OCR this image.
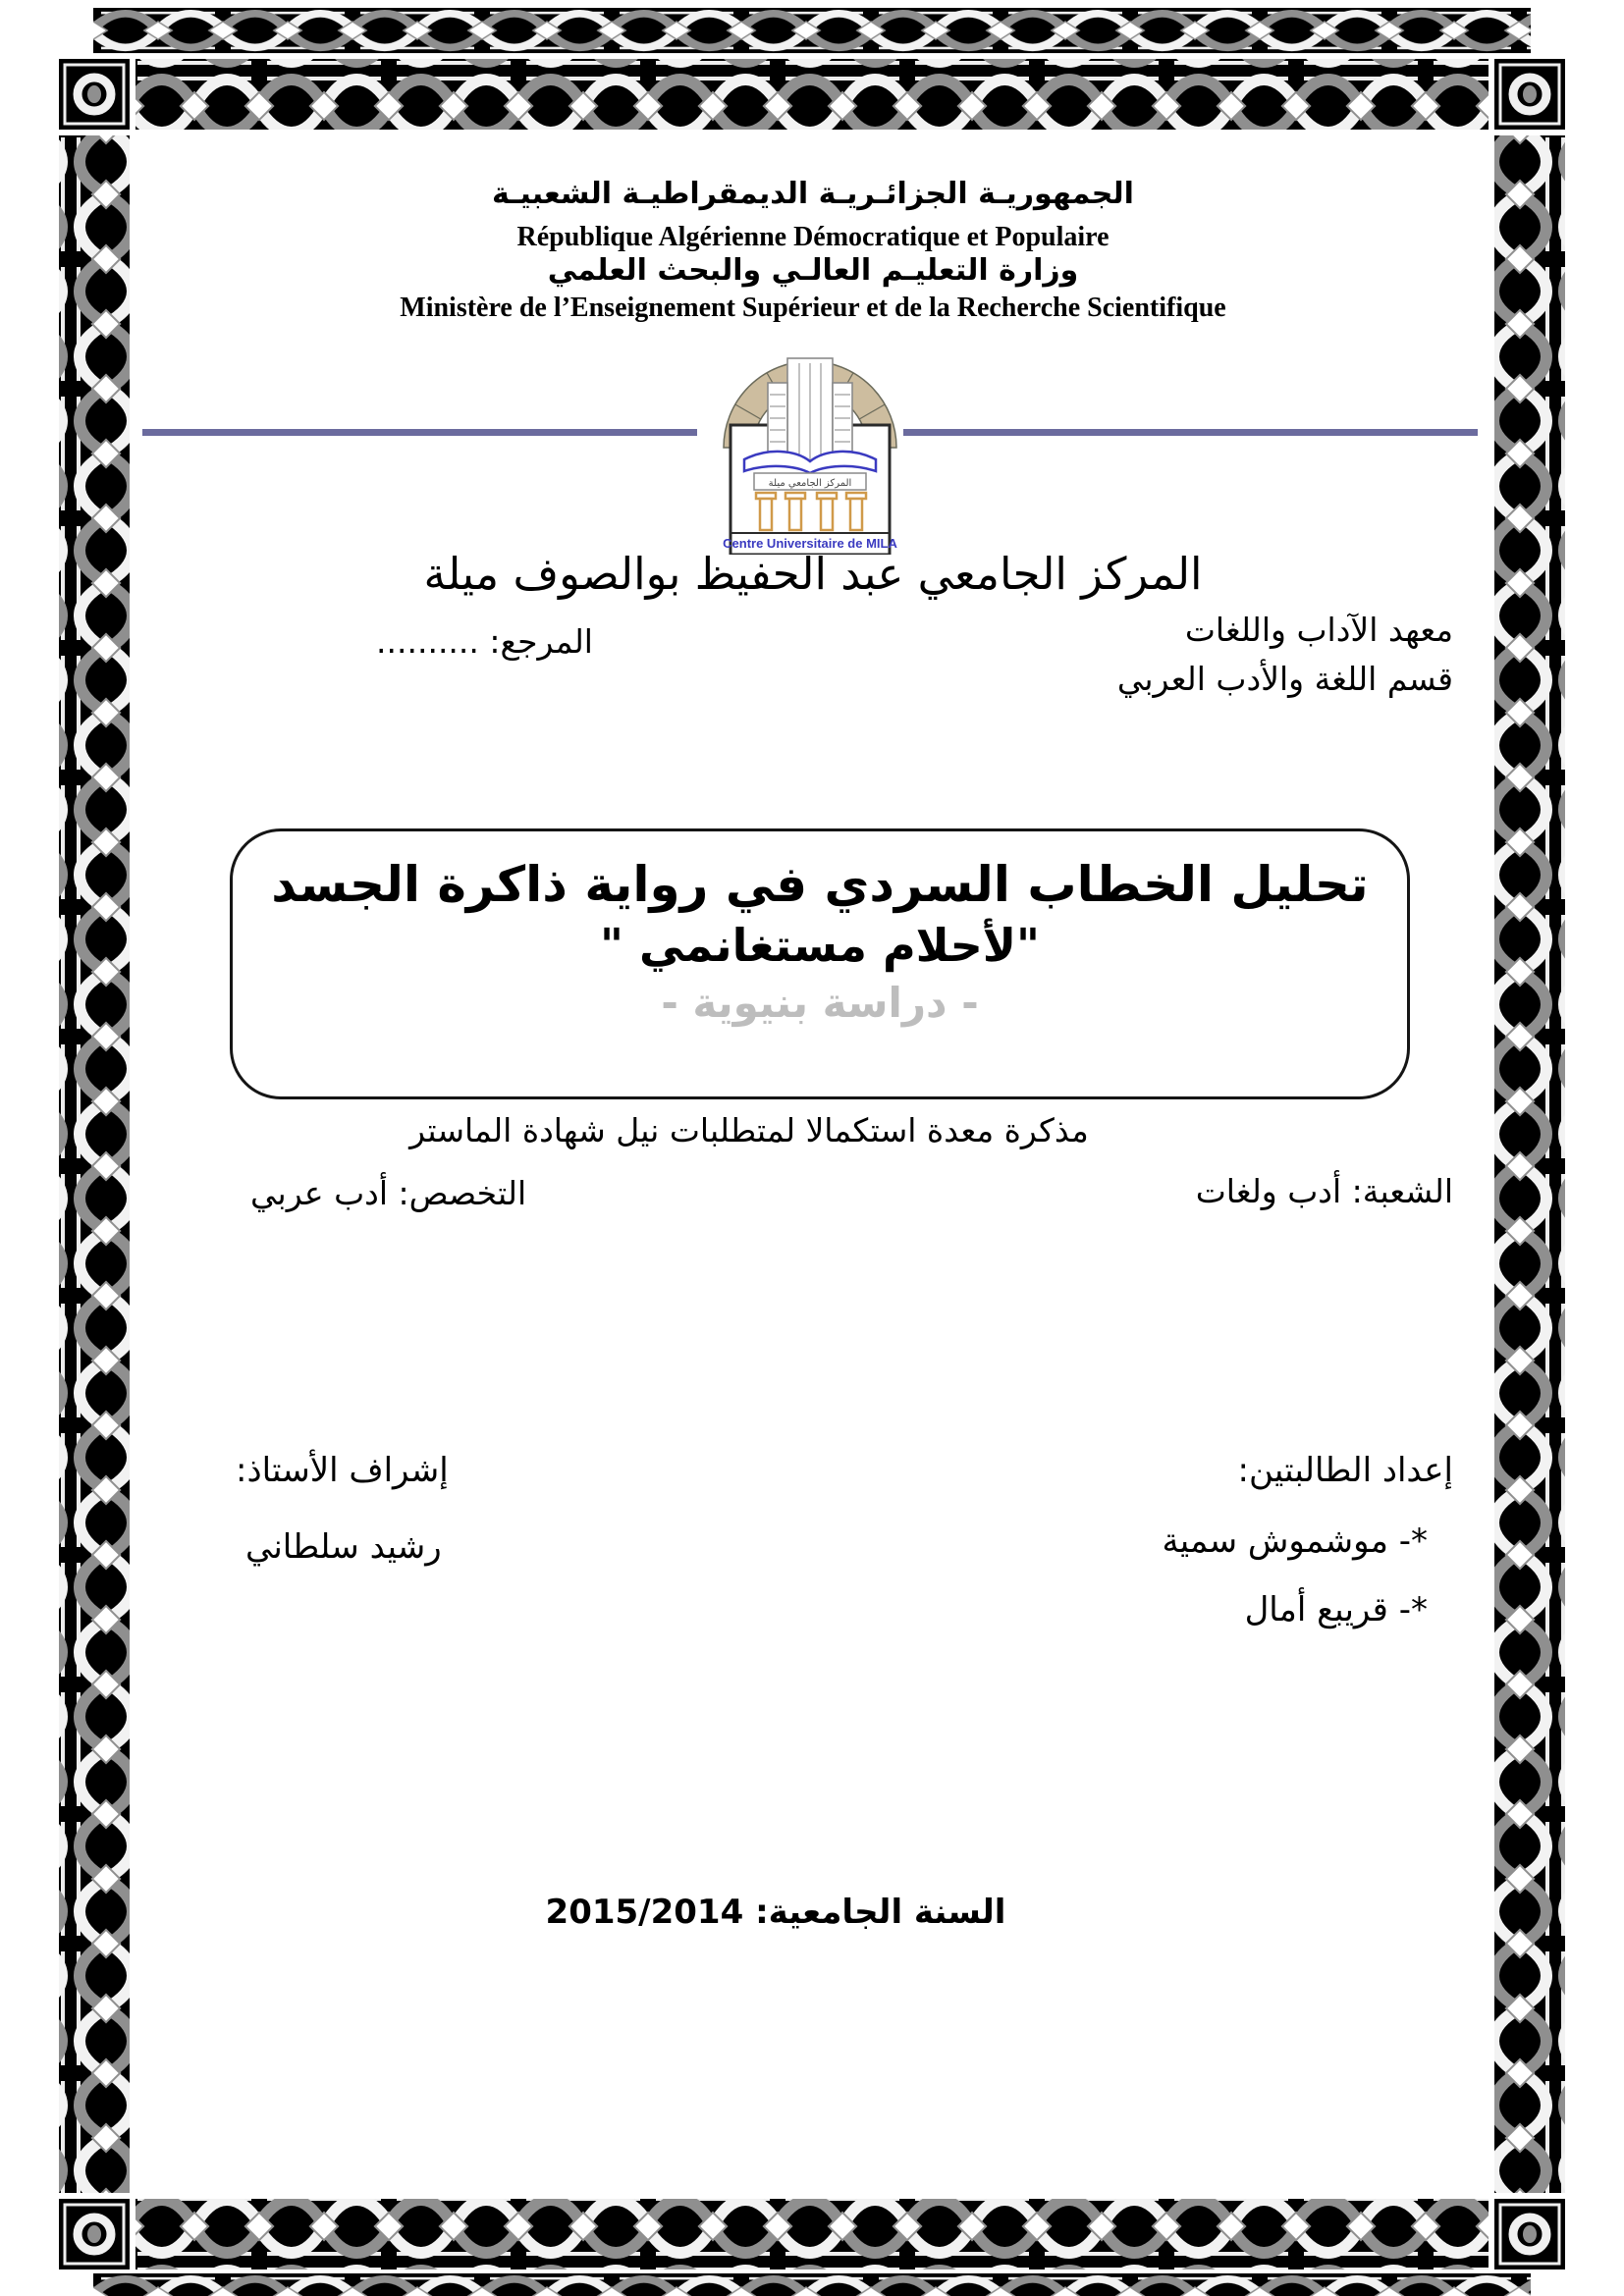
الجمهوريـة الجزائـريـة الديمقراطيـة الشعبيـة
République Algérienne Démocratique et Populaire
وزارة التعليـم العالـي والبحث العلمي
Ministère de l’Enseignement Supérieur et de la Recherche Scientifique
المركز الجامعي ميلة
Centre Universitaire de MILA
المركز الجامعي عبد الحفيظ بوالصوف ميلة
معهد الآداب واللغات
المرجع: ..........
قسم اللغة والأدب العربي
تحليل الخطاب السردي في رواية ذاكرة الجسد
"لأحلام مستغانمي "
- دراسة بنيوية -
مذكرة معدة استكمالا لمتطلبات نيل شهادة الماستر
الشعبة: أدب ولغات
التخصص: أدب عربي
إعداد الطالبتين:
إشراف الأستاذ:
*- موشموش سمية
رشيد سلطاني
*- قريبع أمال
السنة الجامعية: 2015/2014
